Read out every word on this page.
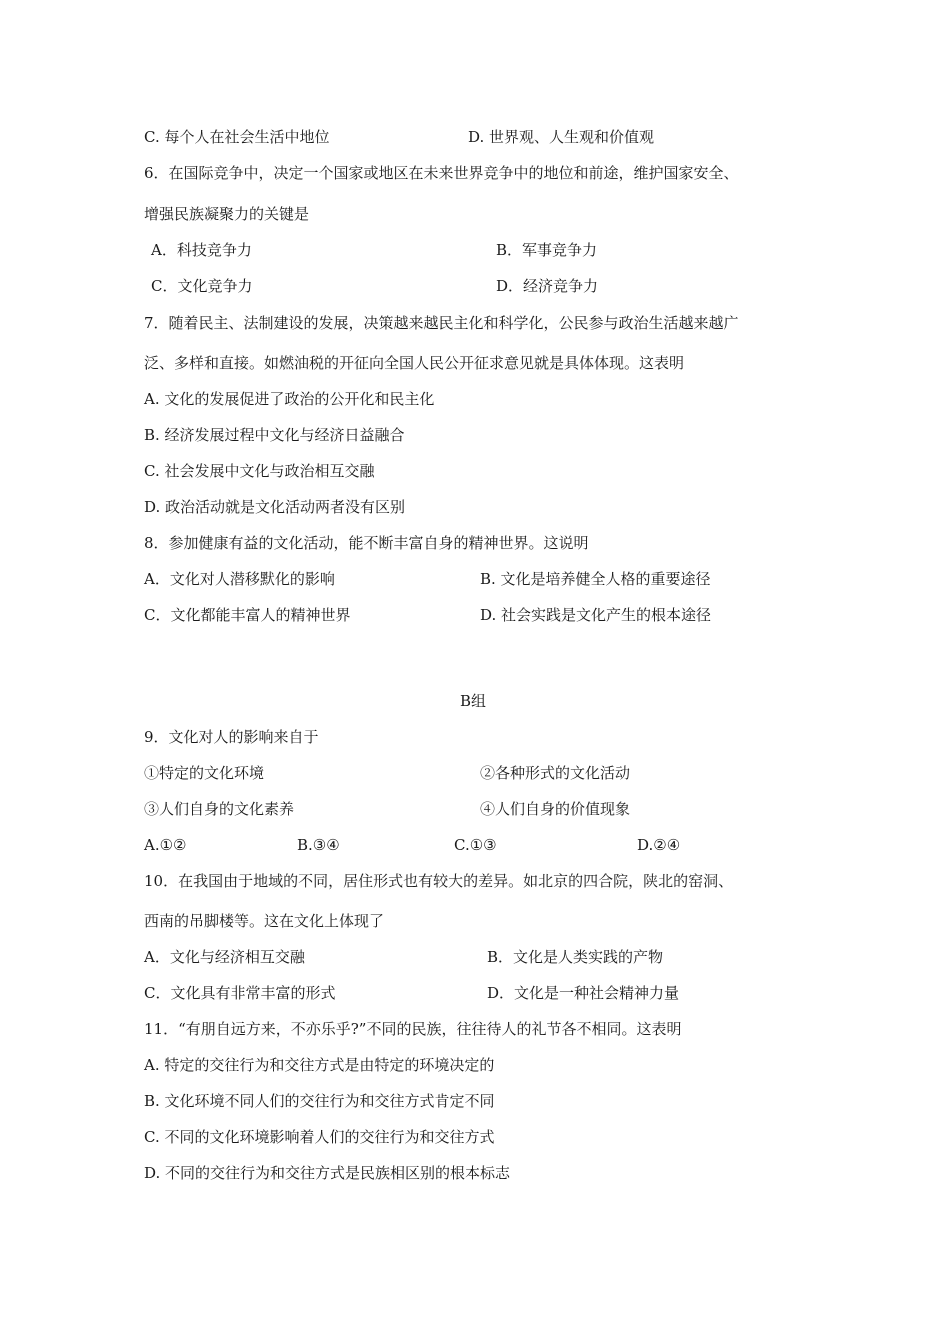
C. 每个人在社会生活中地位	D. 世界观、人生观和价值观
6．在国际竞争中，决定一个国家或地区在未来世界竞争中的地位和前途，维护国家安全、
增强民族凝聚力的关键是
A．科技竞争力	B．军事竞争力
C．文化竞争力	D．经济竞争力
7．随着民主、法制建设的发展，决策越来越民主化和科学化，公民参与政治生活越来越广
泛、多样和直接。如燃油税的开征向全国人民公开征求意见就是具体体现。这表明
A. 文化的发展促进了政治的公开化和民主化
B. 经济发展过程中文化与经济日益融合
C. 社会发展中文化与政治相互交融
D. 政治活动就是文化活动两者没有区别
8．参加健康有益的文化活动，能不断丰富自身的精神世界。这说明
A．文化对人潜移默化的影响	B. 文化是培养健全人格的重要途径
C．文化都能丰富人的精神世界	D. 社会实践是文化产生的根本途径
B组
9．文化对人的影响来自于
①特定的文化环境	②各种形式的文化活动
③人们自身的文化素养	④人们自身的价值现象
A.①②	B.③④	C.①③	D.②④
10．在我国由于地域的不同，居住形式也有较大的差异。如北京的四合院，陕北的窑洞、
西南的吊脚楼等。这在文化上体现了
A．文化与经济相互交融	B．文化是人类实践的产物
C．文化具有非常丰富的形式	D．文化是一种社会精神力量
11．“有朋自远方来，不亦乐乎?”不同的民族，往往待人的礼节各不相同。这表明
A. 特定的交往行为和交往方式是由特定的环境决定的
B. 文化环境不同人们的交往行为和交往方式肯定不同
C. 不同的文化环境影响着人们的交往行为和交往方式
D. 不同的交往行为和交往方式是民族相区别的根本标志
